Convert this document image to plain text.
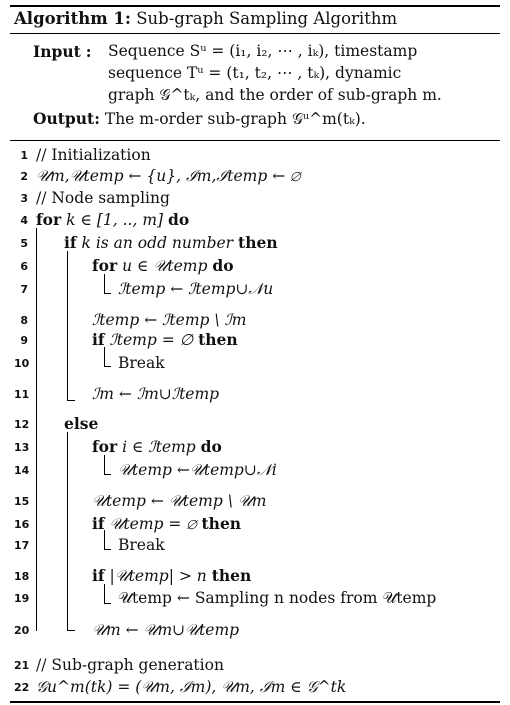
Algorithm 1: Sub-graph Sampling Algorithm
Input : Sequence Sᵘ = (i₁, i₂, ⋯ , iₖ), timestamp
sequence Tᵘ = (t₁, t₂, ⋯ , tₖ), dynamic
graph 𝒢^tₖ, and the order of sub-graph m.
Output: The m-order sub-graph 𝒢ᵘ^m(tₖ).
1
2
3
4
5
6
7
8
9
10
11
12
13
14
15
16
17
18
19
20
21
22
// Initialization
𝒰m,𝒰temp ← {u}, ℐm,ℐtemp ← ∅
// Node sampling
for k ∈ [1, .., m] do
if k is an odd number then
for u ∈ 𝒰temp do
ℐtemp ← ℐtemp∪𝒩u
ℐtemp ← ℐtemp \ ℐm
if ℐtemp = ∅ then
Break
ℐm ← ℐm∪ℐtemp
else
for i ∈ ℐtemp do
𝒰temp ←𝒰temp∪𝒩i
𝒰temp ← 𝒰temp \ 𝒰m
if 𝒰temp = ∅ then
Break
if |𝒰temp| > n then
𝒰temp ← Sampling n nodes from 𝒰temp
𝒰m ← 𝒰m∪𝒰temp
// Sub-graph generation
𝒢u^m(tk) = (𝒰m, ℐm), 𝒰m, ℐm ∈ 𝒢^tk
